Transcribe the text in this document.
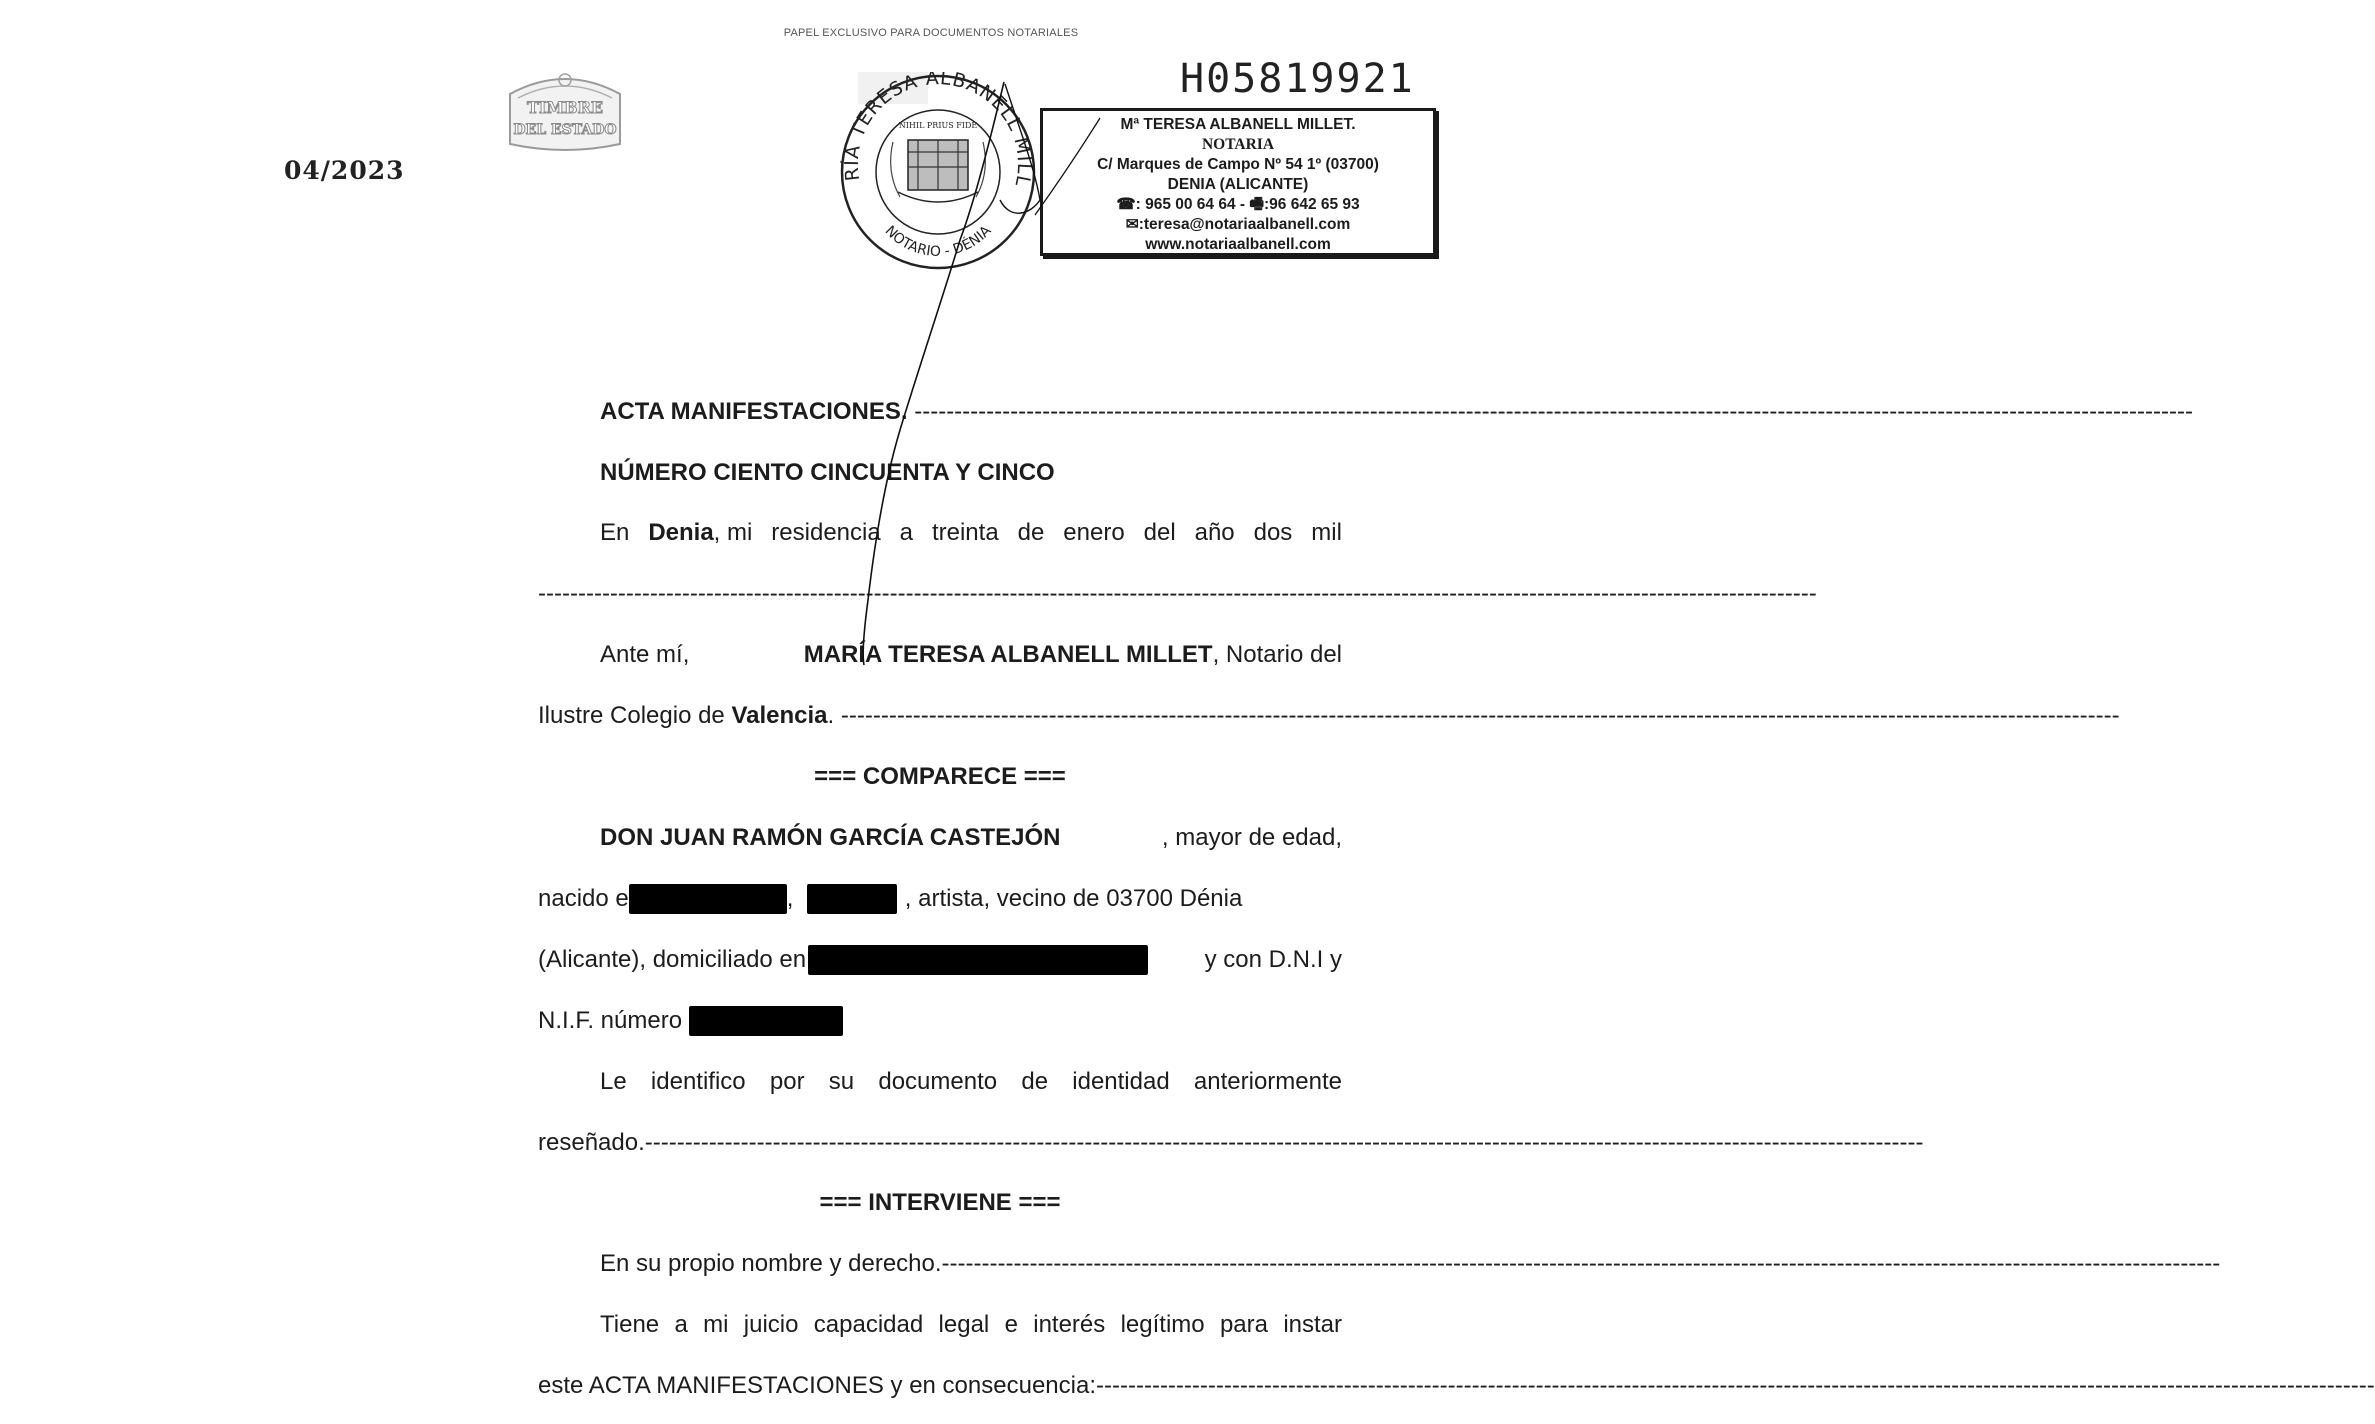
PAPEL EXCLUSIVO PARA DOCUMENTOS NOTARIALES
TIMBRE
DEL ESTADO
04/2023
H05819921
RÍA TERESA ALBANELL MILL
NOTARIO - DÉNIA
NIHIL PRIUS FIDE	Mª TERESA ALBANELL MILLET.
NOTARIA
C/ Marques de Campo Nº 54 1º (03700)
DENIA (ALICANTE)
☎: 965 00 64 64 - 🖷:96 642 65 93
✉:teresa@notariaalbanell.com
www.notariaalbanell.com
ACTA MANIFESTACIONES.
----------------------------------------------------------------------------------------------------------------------------------------------------------------
NÚMERO CIENTO CINCUENTA Y CINCO
En Denia, mi residencia a treinta de enero del año dos mil
----------------------------------------------------------------------------------------------------------------------------------------------------------------
Ante mí,	MARÍA TERESA ALBANELL MILLET, Notario del
Ilustre Colegio de
Valencia .
----------------------------------------------------------------------------------------------------------------------------------------------------------------
=== COMPARECE ===
DON JUAN RAMÓN GARCÍA CASTEJÓN	, mayor de edad,
nacido e	,
	, artista, vecino de 03700 Dénia
(Alicante), domiciliado en	y con D.N.I y
N.I.F. número

Le identifico por su documento de identidad anteriormente
reseñado. ----------------------------------------------------------------------------------------------------------------------------------------------------------------
=== INTERVIENE ===
En su propio nombre y derecho. ----------------------------------------------------------------------------------------------------------------------------------------------------------------
Tiene a mi juicio capacidad legal e interés legítimo para instar
este ACTA MANIFESTACIONES y en consecuencia: ----------------------------------------------------------------------------------------------------------------------------------------------------------------
